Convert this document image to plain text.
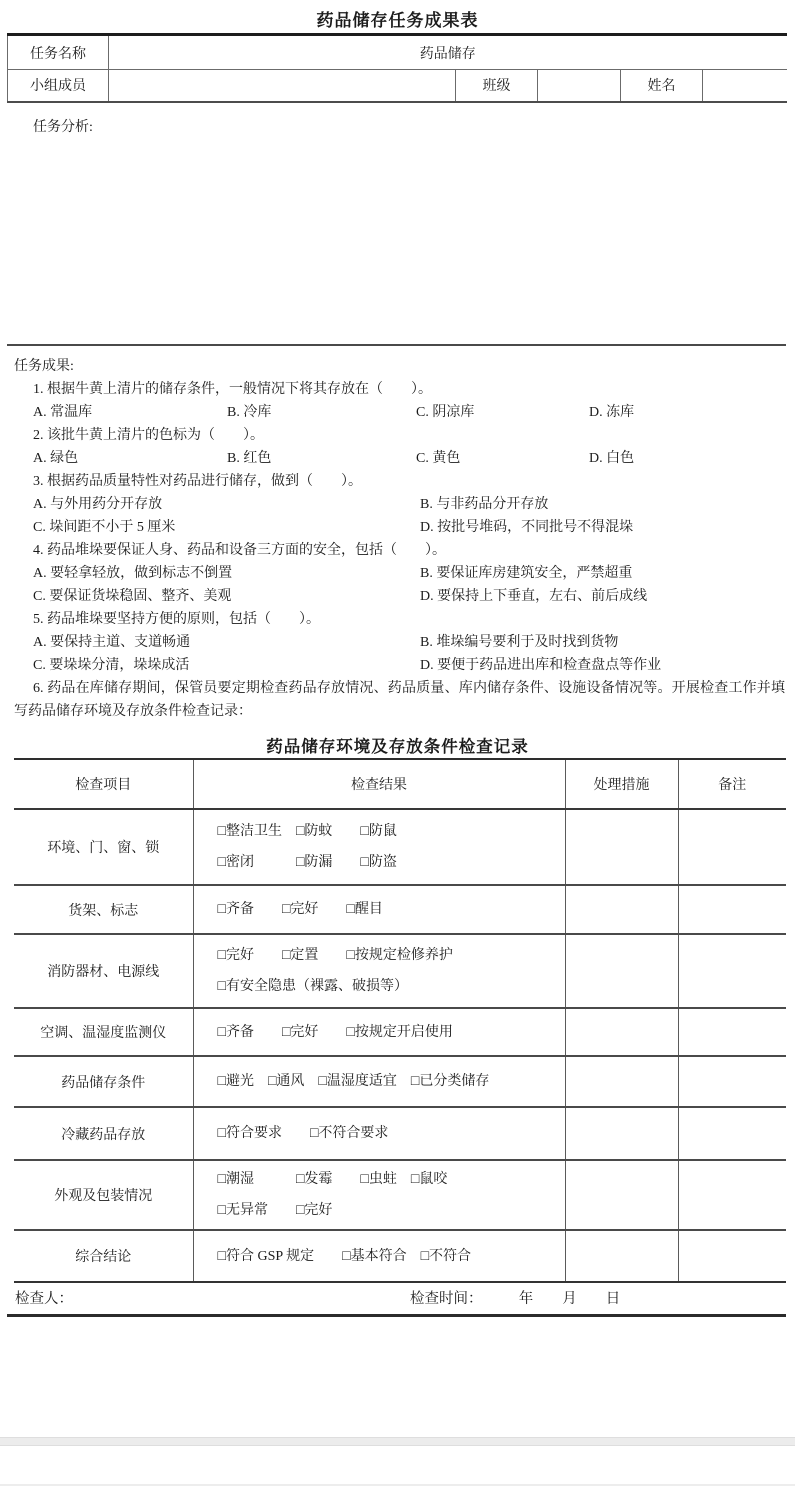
药品储存任务成果表
任务名称	药品储存				
小组成员		班级		姓名	
任务分析:
任务成果:
1. 根据牛黄上清片的储存条件，一般情况下将其存放在（　　）。

A. 常温库

	B. 冷库

	C. 阴凉库

	D. 冻库

2. 该批牛黄上清片的色标为（　　）。

A. 绿色

	B. 红色

	C. 黄色

	D. 白色

3. 根据药品质量特性对药品进行储存，做到（　　）。

A. 与外用药分开存放

	B. 与非药品分开存放

C. 垛间距不小于 5 厘米

	D. 按批号堆码，不同批号不得混垛

4. 药品堆垛要保证人身、药品和设备三方面的安全，包括（　　）。

A. 要轻拿轻放，做到标志不倒置

	B. 要保证库房建筑安全，严禁超重

C. 要保证货垛稳固、整齐、美观

	D. 要保持上下垂直，左右、前后成线

5. 药品堆垛要坚持方便的原则，包括（　　）。

A. 要保持主道、支道畅通

	B. 堆垛编号要利于及时找到货物

C. 要垛垛分清，垛垛成活

	D. 要便于药品进出库和检查盘点等作业

6. 药品在库储存期间，保管员要定期检查药品存放情况、药品质量、库内储存条件、设施设备情况等。开展检查工作并填写药品储存环境及存放条件检查记录：
药品储存环境及存放条件检查记录
检查项目	检查结果	处理措施	备注
环境、门、窗、锁	□整洁卫生　□防蚊　　□防鼠
□密闭　　　□防漏　　□防盗		

货架、标志	□齐备　　□完好　　□醒目		

消防器材、电源线	□完好　　□定置　　□按规定检修养护
□有安全隐患（裸露、破损等）		

空调、温湿度监测仪	□齐备　　□完好　　□按规定开启使用		

药品储存条件	□避光　□通风　□温湿度适宜　□已分类储存		

冷藏药品存放	□符合要求　　□不符合要求		

外观及包装情况	□潮湿　　　□发霉　　□虫蛀　□鼠咬
□无异常　　□完好		

综合结论	□符合 GSP 规定　　□基本符合　□不符合		

检查人：	检查时间：　　　年　　月　　日
